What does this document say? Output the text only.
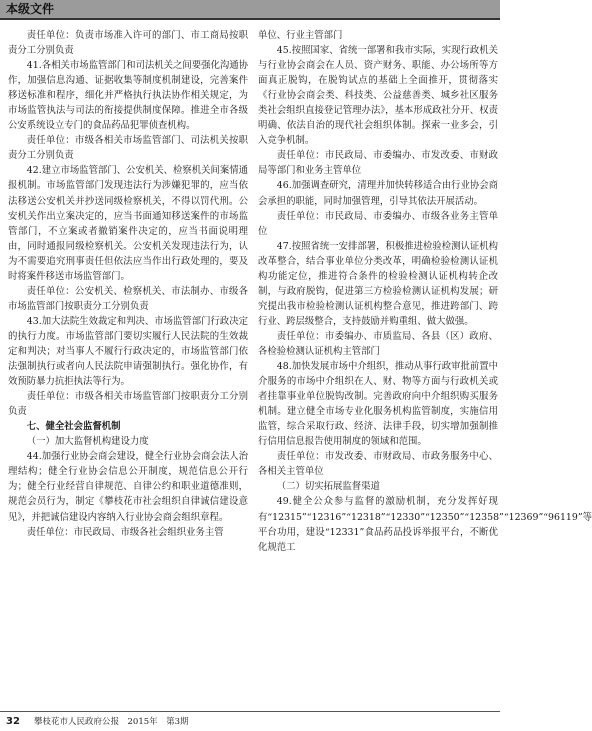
本级文件

责任单位：负责市场准入许可的部门、市工商局按职责分工分别负责

41.各相关市场监管部门和司法机关之间要强化沟通协作，加强信息沟通、证据收集等制度机制建设，完善案件移送标准和程序，细化并严格执行执法协作相关规定，为市场监管执法与司法的衔接提供制度保障。推进全市各级公安系统设立专门的食品药品犯罪侦查机构。

责任单位：市级各相关市场监管部门、司法机关按职责分工分别负责

42.建立市场监管部门、公安机关、检察机关间案情通报机制。市场监管部门发现违法行为涉嫌犯罪的，应当依法移送公安机关并抄送同级检察机关，不得以罚代刑。公安机关作出立案决定的，应当书面通知移送案件的市场监管部门，不立案或者撤销案件决定的，应当书面说明理由，同时通报同级检察机关。公安机关发现违法行为，认为不需要追究刑事责任但依法应当作出行政处理的，要及时将案件移送市场监管部门。

责任单位：公安机关、检察机关、市法制办、市级各市场监管部门按职责分工分别负责

43.加大法院生效裁定和判决、市场监管部门行政决定的执行力度。市场监管部门要切实履行人民法院的生效裁定和判决；对当事人不履行行政决定的，市场监管部门依法强制执行或者向人民法院申请强制执行。强化协作，有效预防暴力抗拒执法等行为。

责任单位：市级各相关市场监管部门按职责分工分别负责

七、健全社会监督机制

（一）加大监督机构建设力度

44.加强行业协会商会建设，健全行业协会商会法人治理结构；健全行业协会信息公开制度，规范信息公开行为；健全行业经营自律规范、自律公约和职业道德准则，规范会员行为，制定《攀枝花市社会组织自律诚信建设意见》，并把诚信建设内容纳入行业协会商会组织章程。

责任单位：市民政局、市级各社会组织业务主管

单位、行业主管部门

45.按照国家、省统一部署和我市实际，实现行政机关与行业协会商会在人员、资产财务、职能、办公场所等方面真正脱钩，在脱钩试点的基础上全面推开，贯彻落实《行业协会商会类、科技类、公益慈善类、城乡社区服务类社会组织直接登记管理办法》，基本形成政社分开、权责明确、依法自治的现代社会组织体制。探索一业多会，引入竞争机制。

责任单位：市民政局、市委编办、市发改委、市财政局等部门和业务主管单位

46.加强调查研究，清理并加快转移适合由行业协会商会承担的职能，同时加强管理，引导其依法开展活动。

责任单位：市民政局、市委编办、市级各业务主管单位

47.按照省统一安排部署，积极推进检验检测认证机构改革整合，结合事业单位分类改革，明确检验检测认证机构功能定位，推进符合条件的检验检测认证机构转企改制，与政府脱钩，促进第三方检验检测认证机构发展；研究提出我市检验检测认证机构整合意见，推进跨部门、跨行业、跨层级整合，支持鼓励并购重组、做大做强。

责任单位：市委编办、市质监局、各县（区）政府、各检验检测认证机构主管部门

48.加快发展市场中介组织，推动从事行政审批前置中介服务的市场中介组织在人、财、物等方面与行政机关或者挂靠事业单位脱钩改制。完善政府向中介组织购买服务机制。建立健全市场专业化服务机构监管制度，实施信用监管，综合采取行政、经济、法律手段，切实增加强制推行信用信息报告使用制度的领域和范围。

责任单位：市发改委、市财政局、市政务服务中心、各相关主管单位

（二）切实拓展监督渠道

49.健全公众参与监督的激励机制，充分发挥好现有“12315”“12316”“12318”“12330”“12350”“12358”“12369”“96119”等平台功用，建设“12331”食品药品投诉举报平台，不断优化规范工

32 攀枝花市人民政府公报　2015年　第3期
